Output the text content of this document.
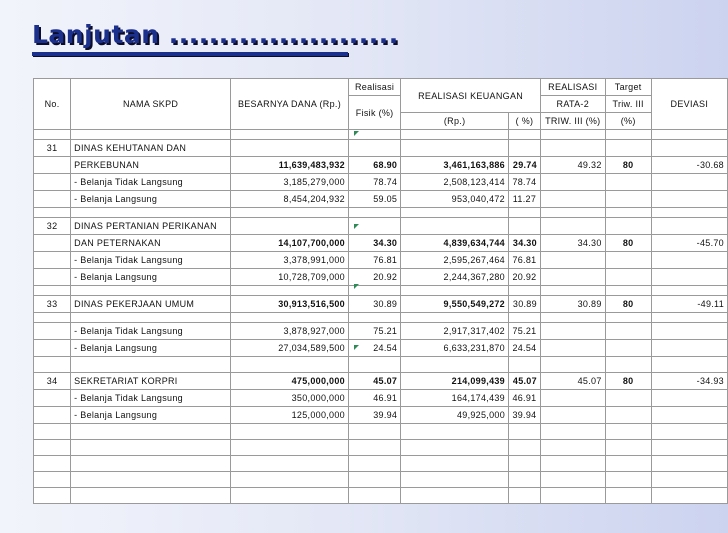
Lanjutan .......................
No.	NAMA SKPD	BESARNYA DANA (Rp.)	Realisasi	REALISASI KEUANGAN		REALISASI	Target	DEVIASI
			Fisik (%)			RATA-2	Triw. III	
				(Rp.)	( %)	TRIW. III (%)	(%)	

31	DINAS KEHUTANAN DAN							
	PERKEBUNAN	11,639,483,932	68.90	3,461,163,886	29.74	49.32	80	-30.68
	- Belanja Tidak Langsung	3,185,279,000	78.74	2,508,123,414	78.74			
	- Belanja Langsung	8,454,204,932	59.05	953,040,472	11.27			

32	DINAS PERTANIAN PERIKANAN							
	DAN PETERNAKAN	14,107,700,000	34.30	4,839,634,744	34.30	34.30	80	-45.70
	- Belanja Tidak Langsung	3,378,991,000	76.81	2,595,267,464	76.81			
	- Belanja Langsung	10,728,709,000	20.92	2,244,367,280	20.92			

33	DINAS PEKERJAAN UMUM	30,913,516,500	30.89	9,550,549,272	30.89	30.89	80	-49.11

	- Belanja Tidak Langsung	3,878,927,000	75.21	2,917,317,402	75.21			
	- Belanja Langsung	27,034,589,500	24.54	6,633,231,870	24.54			

34	SEKRETARIAT KORPRI	475,000,000	45.07	214,099,439	45.07	45.07	80	-34.93
	- Belanja Tidak Langsung	350,000,000	46.91	164,174,439	46.91			
	- Belanja Langsung	125,000,000	39.94	49,925,000	39.94			
